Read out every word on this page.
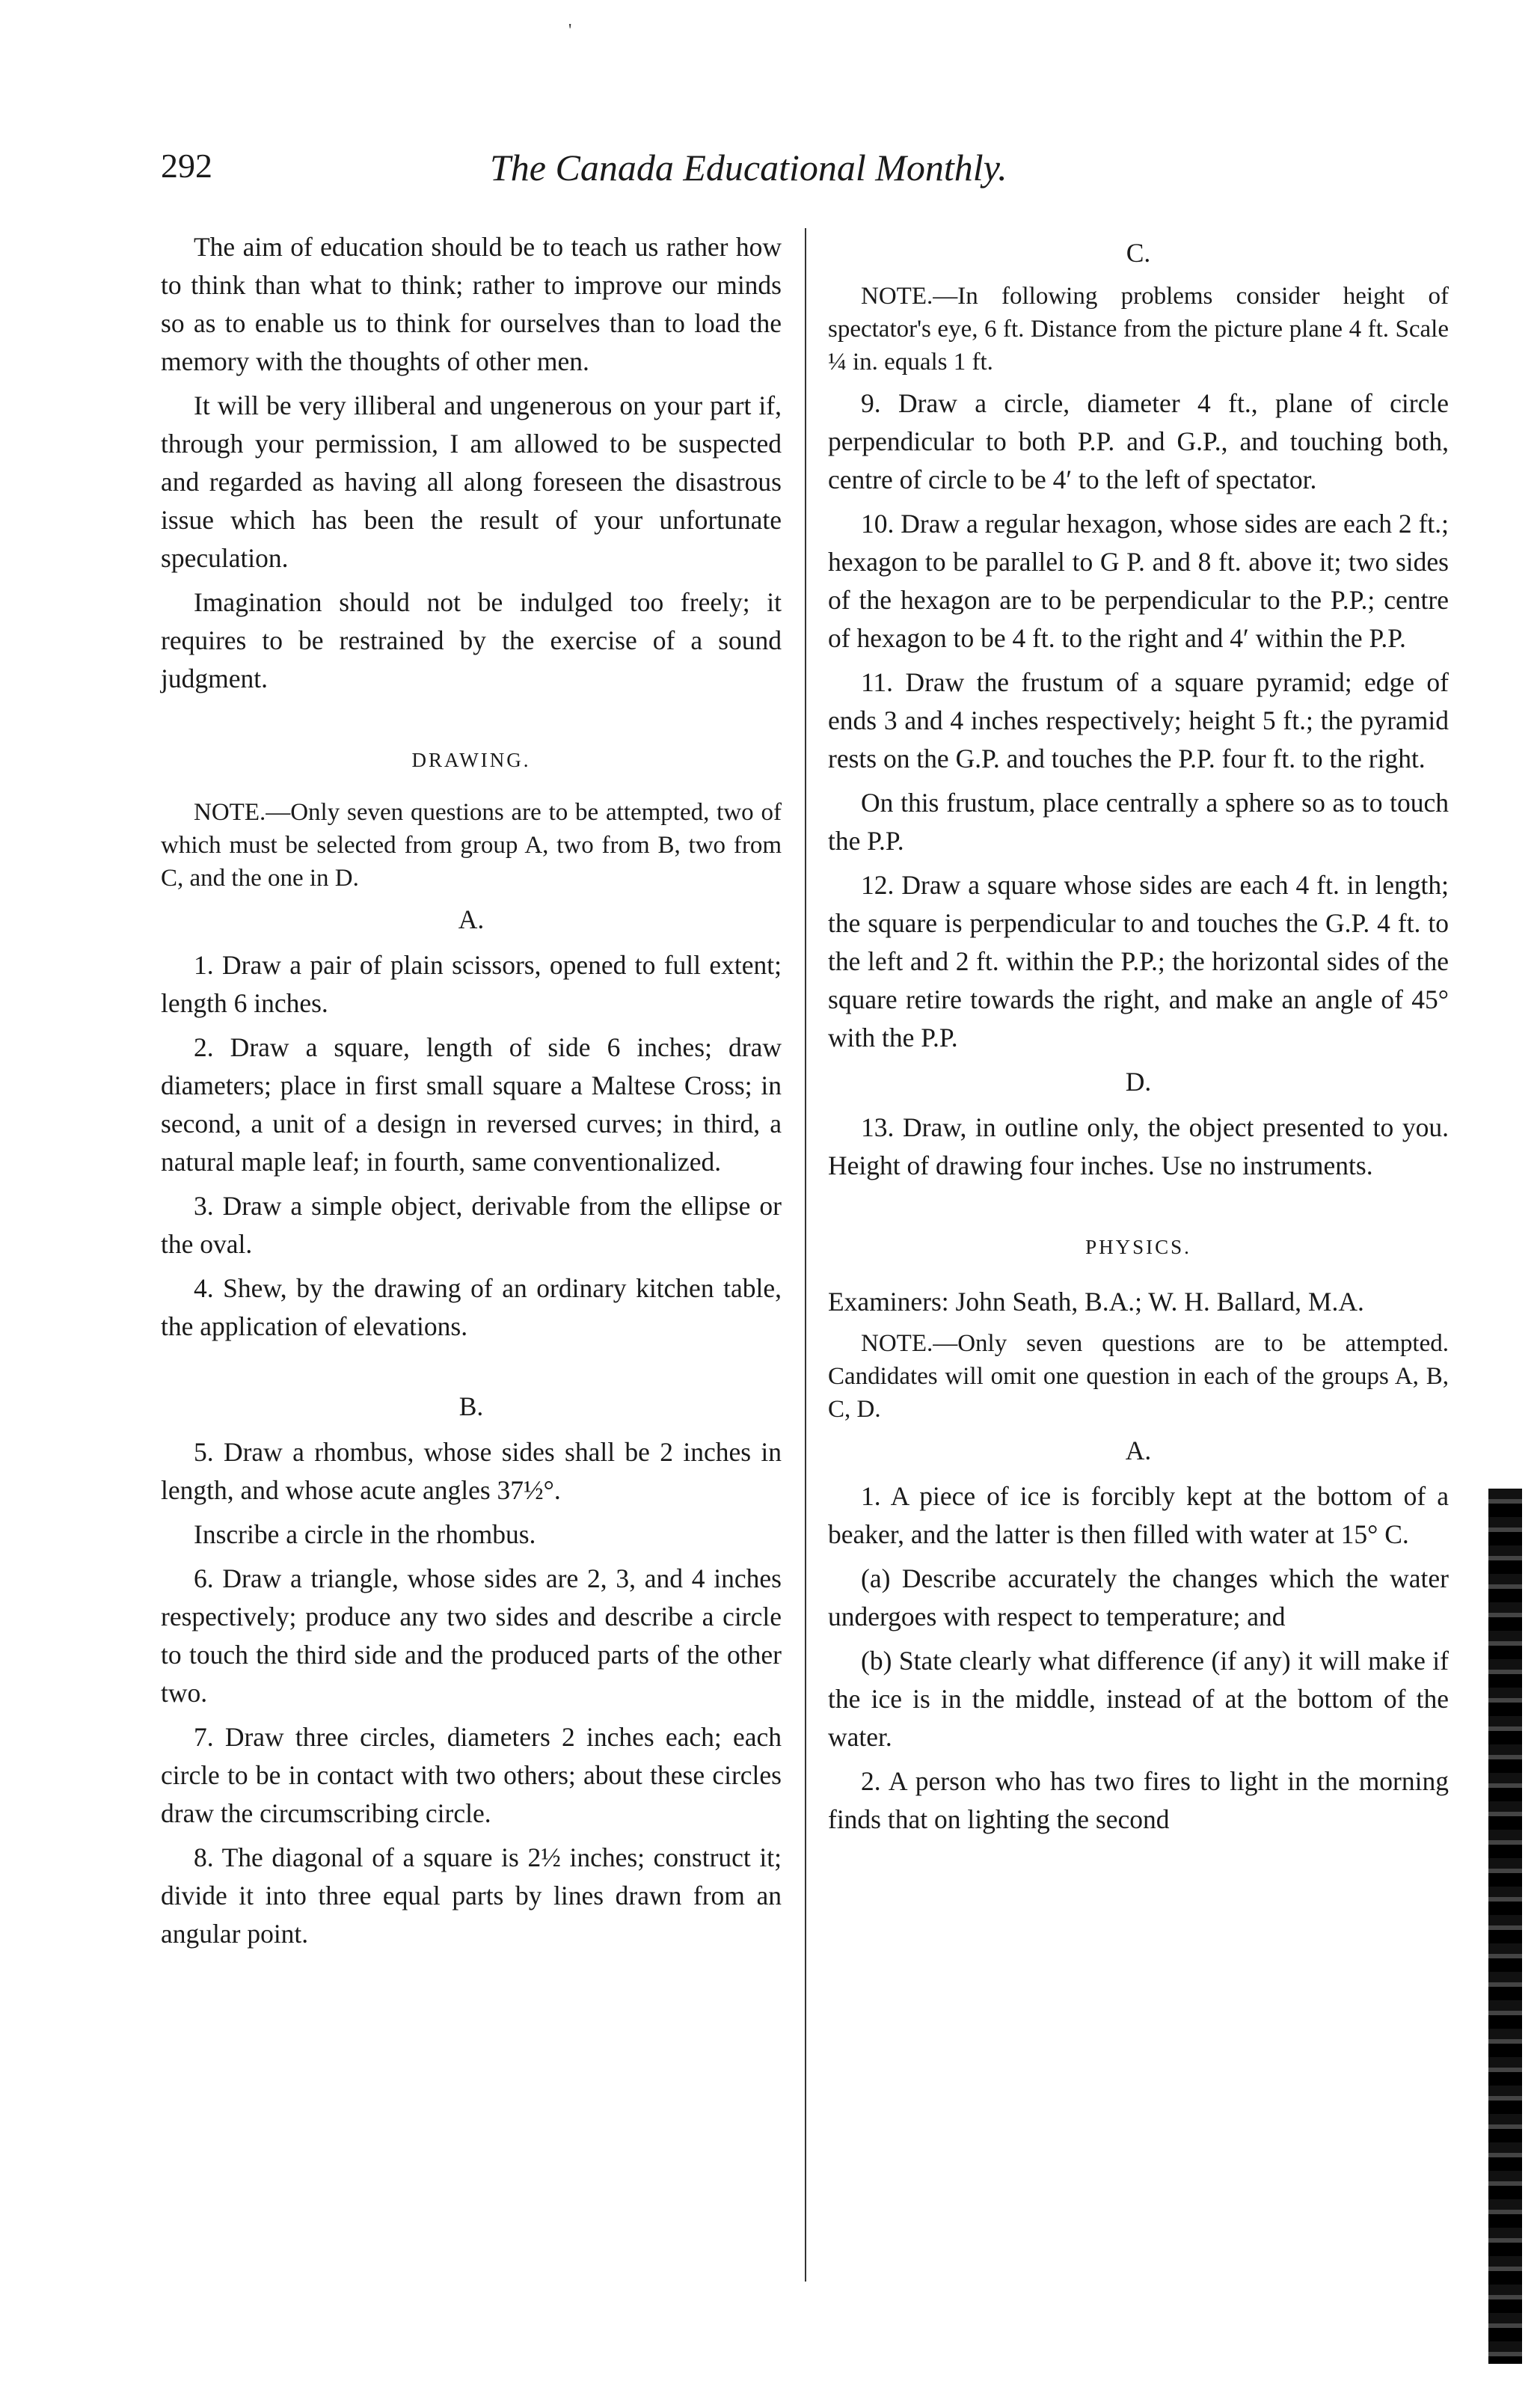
'
292	The Canada Educational Monthly.

The aim of education should be to teach us rather how to think than what to think; rather to improve our minds so as to enable us to think for ourselves than to load the memory with the thoughts of other men.

It will be very illiberal and ungenerous on your part if, through your permission, I am allowed to be suspected and regarded as having all along foreseen the disastrous issue which has been the result of your unfortunate speculation.

Imagination should not be indulged too freely; it requires to be restrained by the exercise of a sound judgment.

DRAWING.

NOTE.—Only seven questions are to be attempted, two of which must be selected from group A, two from B, two from C, and the one in D.

A.

1. Draw a pair of plain scissors, opened to full extent; length 6 inches.

2. Draw a square, length of side 6 inches; draw diameters; place in first small square a Maltese Cross; in second, a unit of a design in reversed curves; in third, a natural maple leaf; in fourth, same conventionalized.

3. Draw a simple object, derivable from the ellipse or the oval.

4. Shew, by the drawing of an ordinary kitchen table, the application of elevations.

B.

5. Draw a rhombus, whose sides shall be 2 inches in length, and whose acute angles 37½°.

Inscribe a circle in the rhombus.

6. Draw a triangle, whose sides are 2, 3, and 4 inches respectively; produce any two sides and describe a circle to touch the third side and the produced parts of the other two.

7. Draw three circles, diameters 2 inches each; each circle to be in contact with two others; about these circles draw the circumscribing circle.

8. The diagonal of a square is 2½ inches; construct it; divide it into three equal parts by lines drawn from an angular point.

C.

NOTE.—In following problems consider height of spectator's eye, 6 ft. Distance from the picture plane 4 ft. Scale ¼ in. equals 1 ft.

9. Draw a circle, diameter 4 ft., plane of circle perpendicular to both P.P. and G.P., and touching both, centre of circle to be 4′ to the left of spectator.

10. Draw a regular hexagon, whose sides are each 2 ft.; hexagon to be parallel to G P. and 8 ft. above it; two sides of the hexagon are to be perpendicular to the P.P.; centre of hexagon to be 4 ft. to the right and 4′ within the P.P.

11. Draw the frustum of a square pyramid; edge of ends 3 and 4 inches respectively; height 5 ft.; the pyramid rests on the G.P. and touches the P.P. four ft. to the right.

On this frustum, place centrally a sphere so as to touch the P.P.

12. Draw a square whose sides are each 4 ft. in length; the square is perpendicular to and touches the G.P. 4 ft. to the left and 2 ft. within the P.P.; the horizontal sides of the square retire towards the right, and make an angle of 45° with the P.P.

D.

13. Draw, in outline only, the object presented to you. Height of drawing four inches. Use no instruments.

PHYSICS.

Examiners: John Seath, B.A.; W. H. Ballard, M.A.

NOTE.—Only seven questions are to be attempted. Candidates will omit one question in each of the groups A, B, C, D.

A.

1. A piece of ice is forcibly kept at the bottom of a beaker, and the latter is then filled with water at 15° C.

(a) Describe accurately the changes which the water undergoes with respect to temperature; and

(b) State clearly what difference (if any) it will make if the ice is in the middle, instead of at the bottom of the water.

2. A person who has two fires to light in the morning finds that on lighting the second
